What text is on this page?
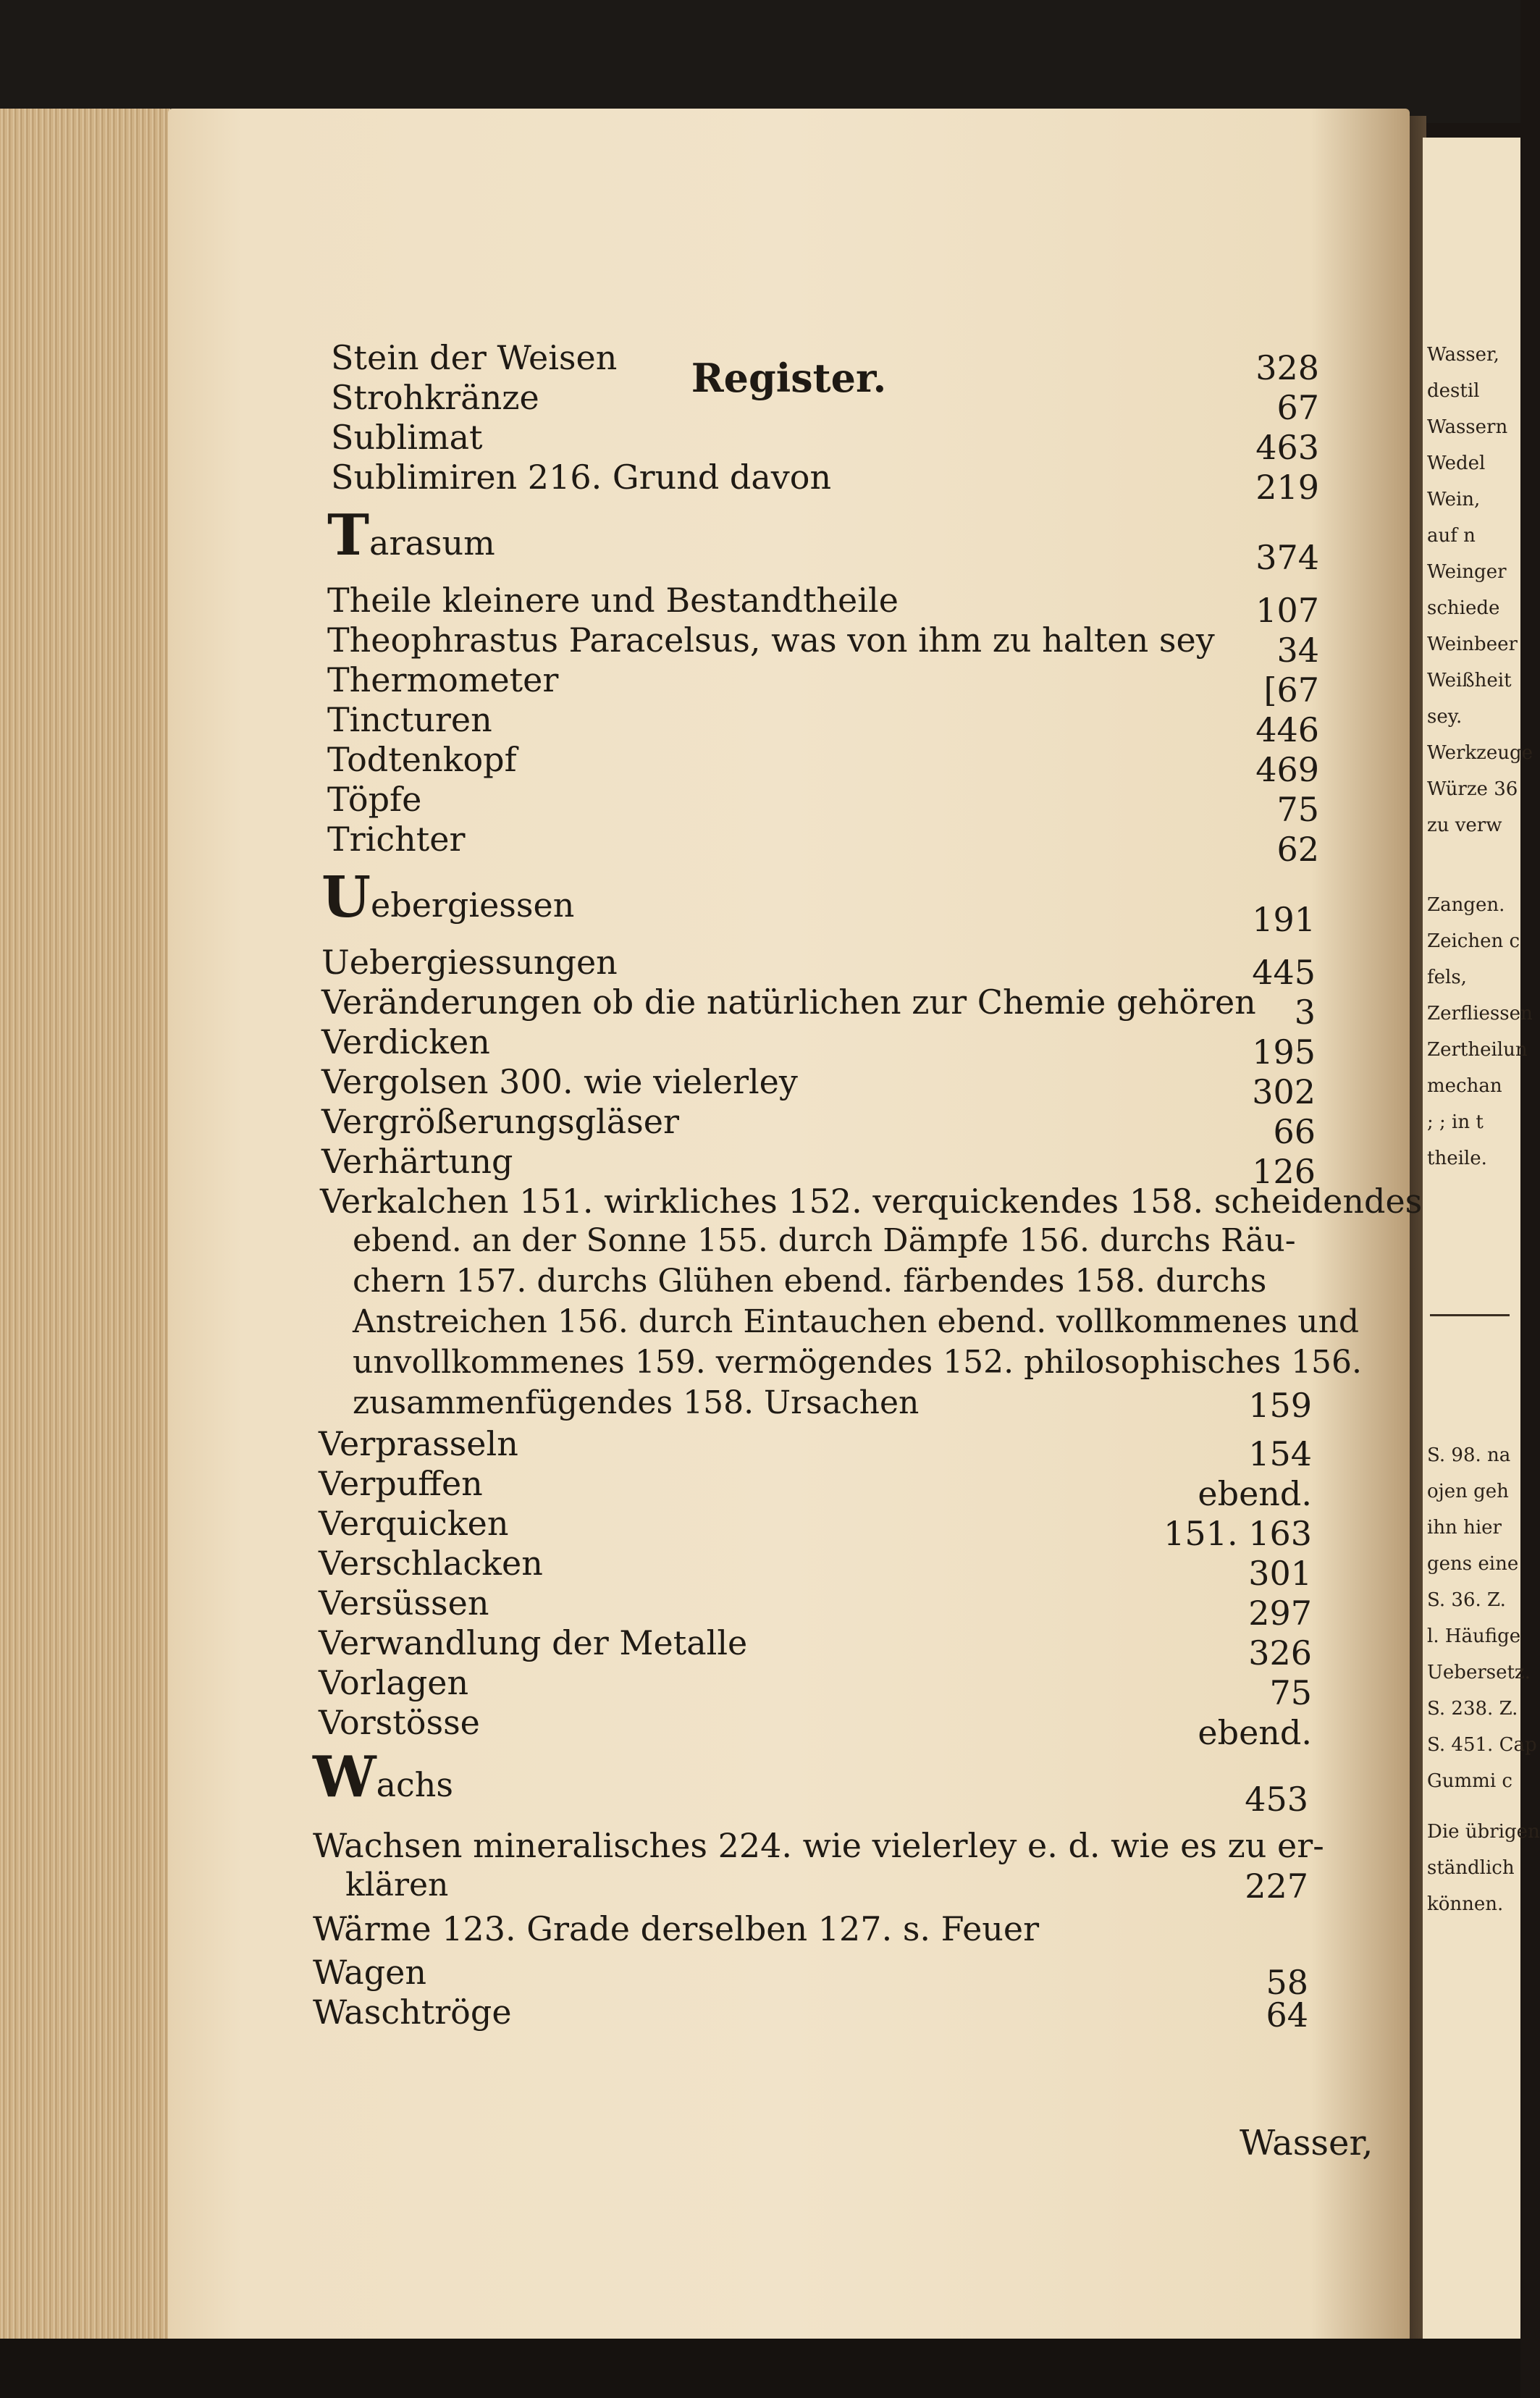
Wasser,
destil
Wassern
Wedel
Wein,
auf n
Weinger
schiede
Weinbeer
Weißheit
sey.
Werkzeuge
Würze 36
zu verw
Zangen.
Zeichen c
fels,
Zerfliessen
Zertheilun
mechan
; ; in t
theile.
S. 98. na
ojen geh
ihn hier
gens eine
S. 36. Z.
l. Häufige
Uebersetz.
S. 238. Z.
S. 451. Cap
Gummi c
Die übrigen
ständlich
können.
Register.
Stein der Weisen	328
Strohkränze	67
Sublimat	463
Sublimiren 216. Grund davon	219
Tarasum	374
Theile kleinere und Bestandtheile	107
Theophrastus Paracelsus, was von ihm zu halten sey	34
Thermometer	[67
Tincturen	446
Todtenkopf	469
Töpfe	75
Trichter	62
Uebergiessen	191
Uebergiessungen	445
Veränderungen ob die natürlichen zur Chemie gehören	3
Verdicken	195
Vergolsen 300. wie vielerley	302
Vergrößerungsgläser	66
Verhärtung	126
Verkalchen 151. wirkliches 152. verquickendes 158. scheidendes
ebend. an der Sonne 155. durch Dämpfe 156. durchs Räu-
chern 157. durchs Glühen ebend. färbendes 158. durchs
Anstreichen 156. durch Eintauchen ebend. vollkommenes und
unvollkommenes 159. vermögendes 152. philosophisches 156.
zusammenfügendes 158. Ursachen	159
Verprasseln	154
Verpuffen	ebend.
Verquicken	151. 163
Verschlacken	301
Versüssen	297
Verwandlung der Metalle	326
Vorlagen	75
Vorstösse	ebend.
Wachs	453
Wachsen mineralisches 224. wie vielerley e. d. wie es zu er-
klären	227
Wärme 123. Grade derselben 127. s. Feuer
Wagen	58
Waschtröge	64
Wasser,
